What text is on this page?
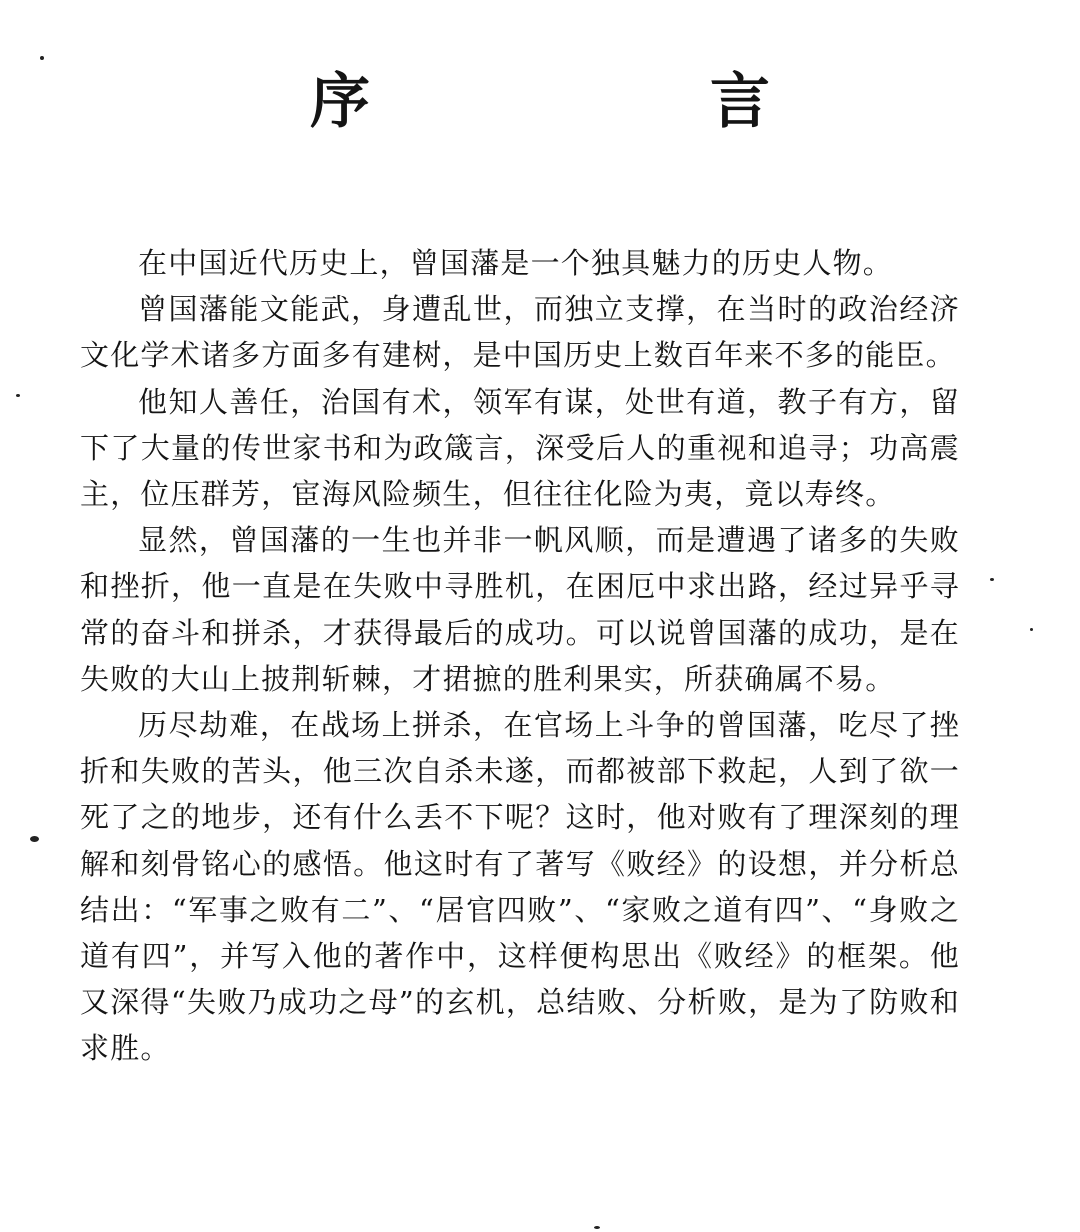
序　言

在中国近代历史上，曾国藩是一个独具魅力的历史人物。

曾国藩能文能武，身遭乱世，而独立支撑，在当时的政治经济文化学术诸多方面多有建树，是中国历史上数百年来不多的能臣。

他知人善任，治国有术，领军有谋，处世有道，教子有方，留下了大量的传世家书和为政箴言，深受后人的重视和追寻；功高震主，位压群芳，宦海风险频生，但往往化险为夷，竟以寿终。

显然，曾国藩的一生也并非一帆风顺，而是遭遇了诸多的失败和挫折，他一直是在失败中寻胜机，在困厄中求出路，经过异乎寻常的奋斗和拼杀，才获得最后的成功。可以说曾国藩的成功，是在失败的大山上披荆斩棘，才捃摭的胜利果实，所获确属不易。

历尽劫难，在战场上拼杀，在官场上斗争的曾国藩，吃尽了挫折和失败的苦头，他三次自杀未遂，而都被部下救起，人到了欲一死了之的地步，还有什么丢不下呢？这时，他对败有了理深刻的理解和刻骨铭心的感悟。他这时有了著写《败经》的设想，并分析总结出：“军事之败有二”、“居官四败”、“家败之道有四”、“身败之道有四”，并写入他的著作中，这样便构思出《败经》的框架。他又深得“失败乃成功之母”的玄机，总结败、分析败，是为了防败和求胜。
